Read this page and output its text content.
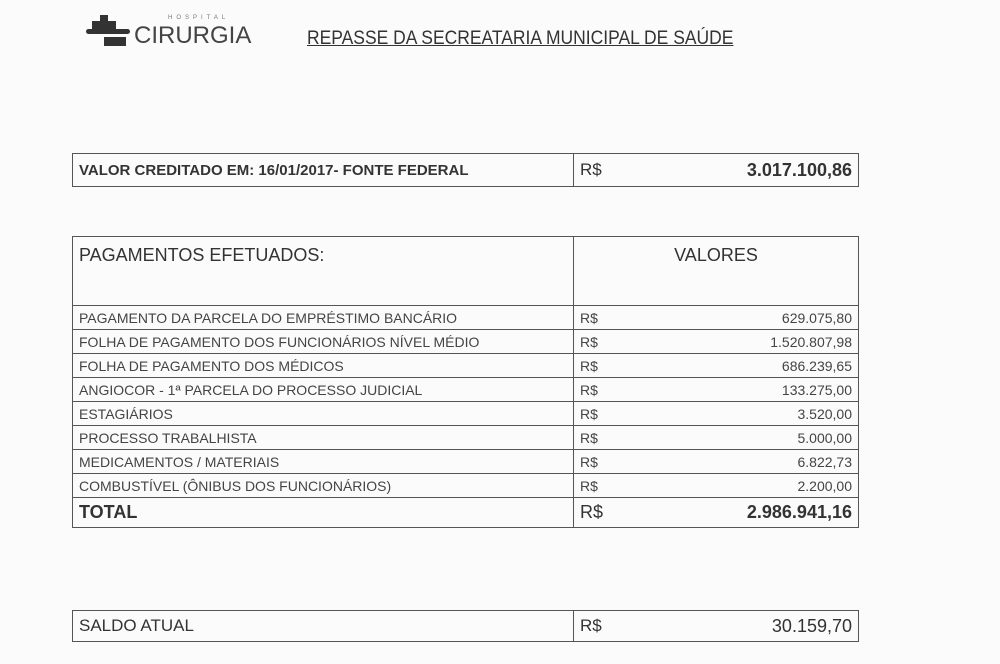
HOSPITAL
CIRURGIA	REPASSE DA SECREATARIA MUNICIPAL DE SAÚDE
VALOR CREDITADO EM: 16/01/2017- FONTE FEDERAL	R$	3.017.100,86
PAGAMENTOS EFETUADOS:	VALORES	
PAGAMENTO DA PARCELA DO EMPRÉSTIMO BANCÁRIO	R$	629.075,80
FOLHA DE PAGAMENTO DOS FUNCIONÁRIOS NÍVEL MÉDIO	R$	1.520.807,98
FOLHA DE PAGAMENTO DOS MÉDICOS	R$	686.239,65
ANGIOCOR - 1ª PARCELA DO PROCESSO JUDICIAL	R$	133.275,00
ESTAGIÁRIOS	R$	3.520,00
PROCESSO TRABALHISTA	R$	5.000,00
MEDICAMENTOS / MATERIAIS	R$	6.822,73
COMBUSTÍVEL (ÔNIBUS DOS FUNCIONÁRIOS)	R$	2.200,00
TOTAL	R$	2.986.941,16
SALDO ATUAL	R$	30.159,70
